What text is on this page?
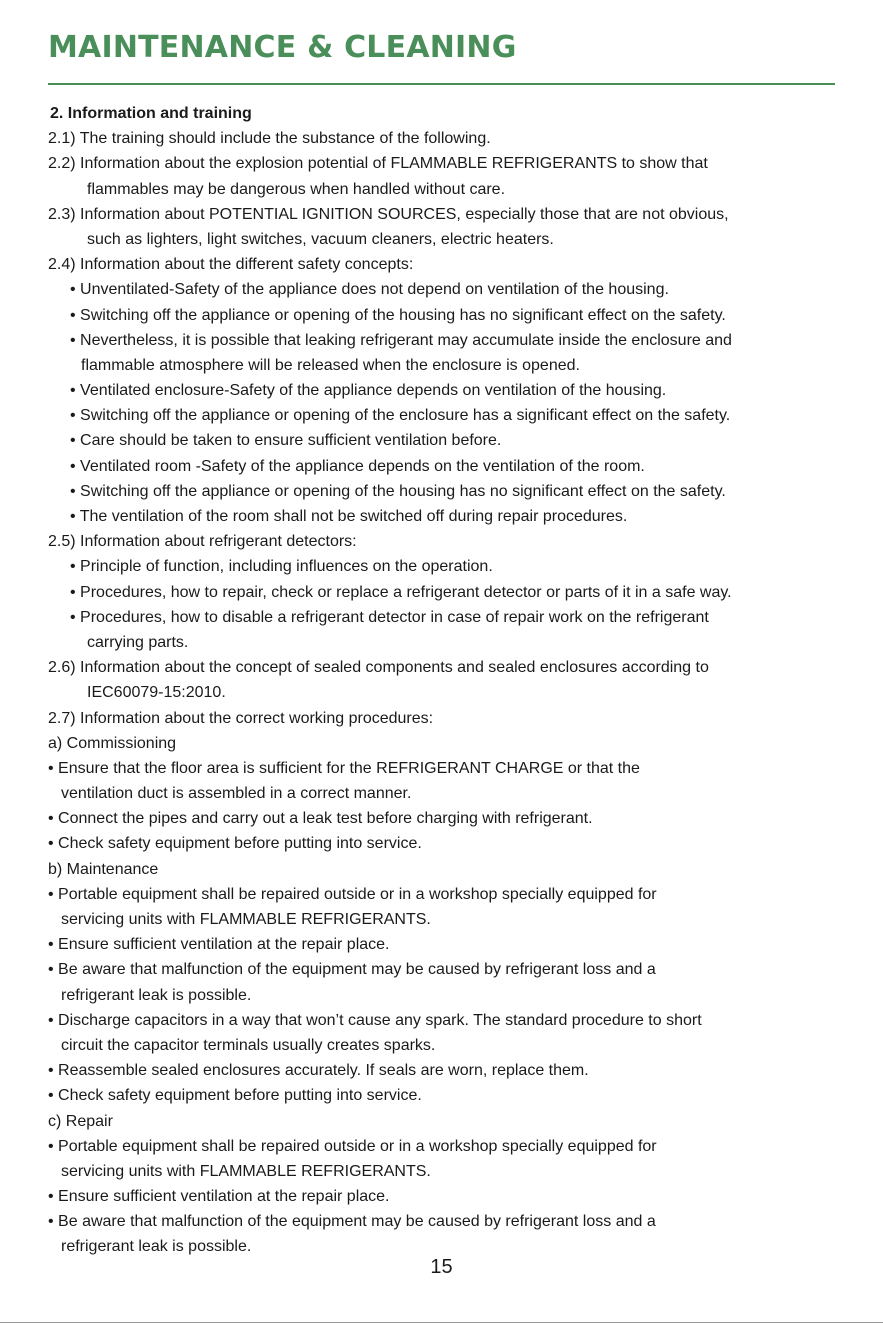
MAINTENANCE & CLEANING
2. Information and training
2.1) The training should include the substance of the following.
2.2) Information about the explosion potential of FLAMMABLE REFRIGERANTS to show that
flammables may be dangerous when handled without care.
2.3) Information about POTENTIAL IGNITION SOURCES, especially those that are not obvious,
such as lighters, light switches, vacuum cleaners, electric heaters.
2.4) Information about the different safety concepts:
• Unventilated-Safety of the appliance does not depend on ventilation of the housing.
• Switching off the appliance or opening of the housing has no significant effect on the safety.
• Nevertheless, it is possible that leaking refrigerant may accumulate inside the enclosure and
flammable atmosphere will be released when the enclosure is opened.
• Ventilated enclosure-Safety of the appliance depends on ventilation of the housing.
• Switching off the appliance or opening of the enclosure has a significant effect on the safety.
• Care should be taken to ensure sufficient ventilation before.
• Ventilated room -Safety of the appliance depends on the ventilation of the room.
• Switching off the appliance or opening of the housing has no significant effect on the safety.
• The ventilation of the room shall not be switched off during repair procedures.
2.5) Information about refrigerant detectors:
• Principle of function, including influences on the operation.
• Procedures, how to repair, check or replace a refrigerant detector or parts of it in a safe way.
• Procedures, how to disable a refrigerant detector in case of repair work on the refrigerant
carrying parts.
2.6) Information about the concept of sealed components and sealed enclosures according to
IEC60079-15:2010.
2.7) Information about the correct working procedures:
a) Commissioning
• Ensure that the floor area is sufficient for the REFRIGERANT CHARGE or that the
ventilation duct is assembled in a correct manner.
• Connect the pipes and carry out a leak test before charging with refrigerant.
• Check safety equipment before putting into service.
b) Maintenance
• Portable equipment shall be repaired outside or in a workshop specially equipped for
servicing units with FLAMMABLE REFRIGERANTS.
• Ensure sufficient ventilation at the repair place.
• Be aware that malfunction of the equipment may be caused by refrigerant loss and a
refrigerant leak is possible.
• Discharge capacitors in a way that won’t cause any spark. The standard procedure to short
circuit the capacitor terminals usually creates sparks.
• Reassemble sealed enclosures accurately. If seals are worn, replace them.
• Check safety equipment before putting into service.
c) Repair
• Portable equipment shall be repaired outside or in a workshop specially equipped for
servicing units with FLAMMABLE REFRIGERANTS.
• Ensure sufficient ventilation at the repair place.
• Be aware that malfunction of the equipment may be caused by refrigerant loss and a
refrigerant leak is possible.
15
